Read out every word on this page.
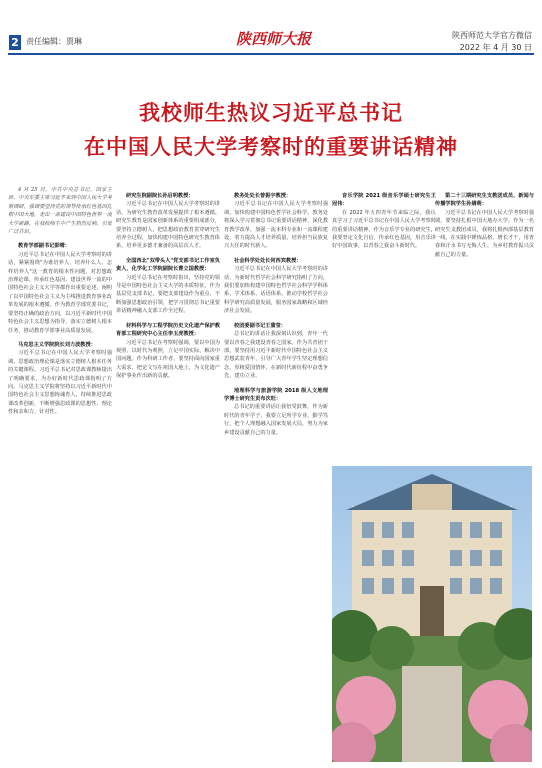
2 责任编辑：贾琳	陕西师大报	陕西师范大学官方微信
2022 年 4 月 30 日
我校师生热议习近平总书记
在中国人民大学考察时的重要讲话精神

4 月 25 日，中共中央总书记、国家主席、中央军委主席习近平来到中国人民大学考察调研，强调要坚持党的领导传承红色基因扎根中国大地，走出一条建设中国特色世界一流大学新路。在我校师生中产生热烈反响。引发广泛共识。

教育学部副书记彭晴：

习近平总书记在中国人民大学考察时的讲话，紧紧围绕"为谁培养人、培养什么人、怎样培养人"这一教育的根本性问题，对思想政治理论课、传承红色基因、建设世界一流的中国特色社会主义大学等都作出重要论述，阐明了以中国特色社会主义为主线推进教育事业改革发展的根本遵循。作为教育学部党委书记，要坚持正确的政治方向，以习近平新时代中国特色社会主义思想为指导，落实立德树人根本任务，推动教育学部事业高质量发展。

马克思主义学院院长刘力波教授：

习近平总书记在中国人民大学考察时强调，思想政治理论课是落实立德树人根本任务的关键课程。习近平总书记对思政课教师提出了明确要求，为办好新时代思政课指明了方向。马克思主义学院将坚持以习近平新时代中国特色社会主义思想铸魂育人，持续推进思政课改革创新，不断增强思政课的思想性、理论性和亲和力、针对性。

研究生院副院长孙启明教授：

习近平总书记在中国人民大学考察时的讲话，为研究生教育改革发展提供了根本遵循。研究生教育是国家创新体系的重要组成部分，要坚持立德树人，把思想政治教育贯穿研究生培养全过程，加快构建中国特色研究生教育体系，培养更多德才兼备的高层次人才。

全国西北"双带头人"党支部书记工作室负责人、化学化工学院副院长曹立国教授：

习近平总书记在考察时指出，坚持党的领导是中国特色社会主义大学的本质特征。作为基层党支部书记，要把支部建设作为重点，不断加强思想政治引领，把学习贯彻总书记重要讲话精神融入支部工作全过程。

材料科学与工程学院历史文化遗产保护教育部工程研究中心主任李玉虎教授：

习近平总书记在考察时强调，要以中国为观照、以时代为观照，立足中国实际，解决中国问题。作为科研工作者，要坚持面向国家重大需求，把论文写在祖国大地上，为文化遗产保护事业作出新的贡献。

教务处处长曾振宇教授：

习近平总书记在中国人民大学考察时强调，加快构建中国特色哲学社会科学。教务处将深入学习贯彻总书记重要讲话精神，深化教育教学改革，加强一流本科专业和一流课程建设，着力提高人才培养质量，培养担当民族复兴大任的时代新人。

社会科学处处长何西宾教授：

习近平总书记在中国人民大学考察时的讲话，为新时代哲学社会科学研究指明了方向。我们要加快构建中国特色哲学社会科学学科体系、学术体系、话语体系，推动学校哲学社会科学研究高质量发展，服务国家战略和区域经济社会发展。

校团委副书记王蒲莹：

总书记的讲话让我深刻认识到，青年一代要以青春之我建设青春之国家。作为共青团干部，要坚持用习近平新时代中国特色社会主义思想武装青年，引导广大青年学生坚定理想信念，厚植爱国情怀，在新时代新征程中奋勇争先、建功立业。

地理科学与旅游学院 2018 级人文地理学博士研究生贡布次旺：

总书记的重要讲话让我倍受鼓舞。作为新时代的青年学子，我要立足所学专业，勤学笃行，把个人理想融入国家发展大局，努力为家乡建设贡献自己的力量。

音乐学院 2021 级音乐学硕士研究生王冠伟：

在 2022 年五四青年节来临之际，我认真学习了习近平总书记在中国人民大学考察时的重要讲话精神。作为音乐学专业的研究生，我要坚定文化自信，传承红色基因，用音乐讲好中国故事，以青春之我奋斗新时代。

第二十三期研究生支教团成员、新闻与传播学院学生孙婧萌：

习近平总书记在中国人民大学考察时强调，要坚持扎根中国大地办大学。作为一名研究生支教团成员，我将扎根西部基层教育一线，在实践中锤炼品格、增长才干，用青春和汗水书写无悔人生，为乡村教育振兴贡献自己的力量。
